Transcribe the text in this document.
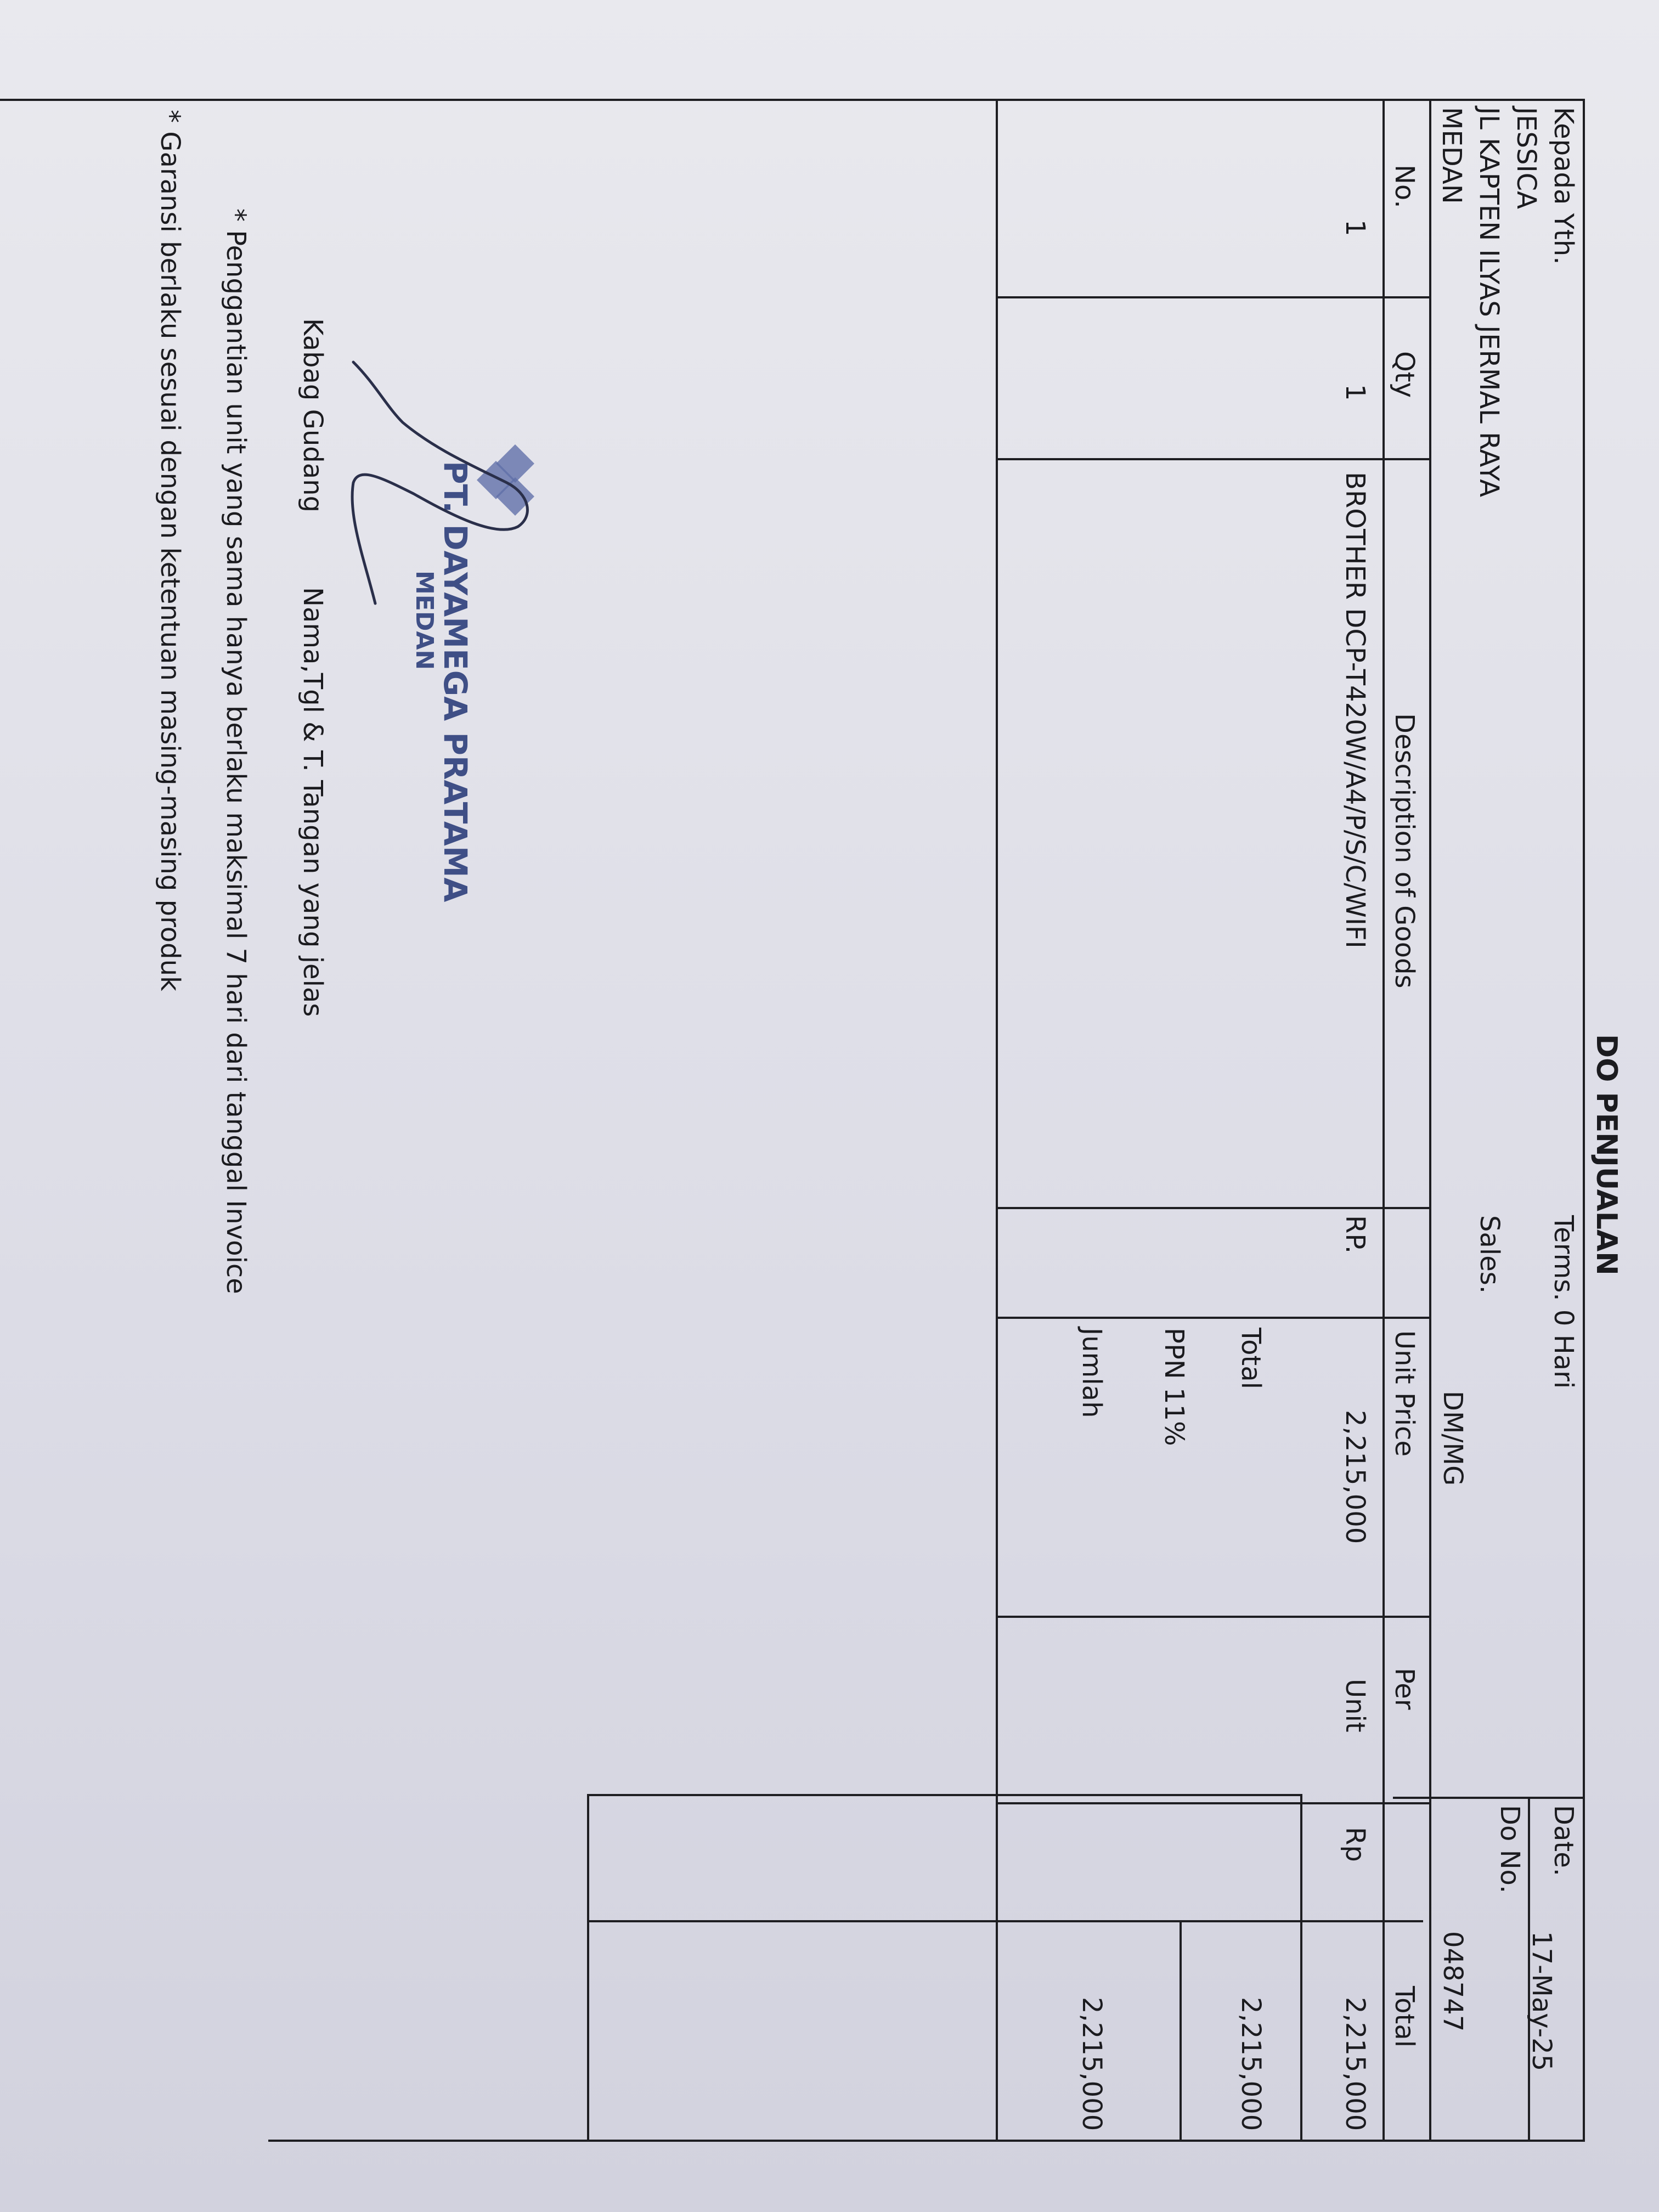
DO PENJUALAN
Kepada Yth.
JESSICA
JL KAPTEN ILYAS JERMAL RAYA
MEDAN
Terms. 0 Hari
Sales.
DM/MG
Date.
17-May-25
Do No.
048747
No.
Qty
Description of Goods
Unit Price
Per
Total
1
1
BROTHER DCP-T420W/A4/P/S/C/WIFI
RP.
2,215,000
Unit
Rp
2,215,000
Jumlah
2,215,000
PPN 11% Total
2,215,000
Kabag Gudang
Nama,Tgl & T. Tangan yang jelas
* Penggantian unit yang sama hanya berlaku maksimal 7 hari dari tanggal Invoice
* Garansi berlaku sesuai dengan ketentuan masing-masing produk	PT. DAYAMEGA PRATAMA
MEDAN
